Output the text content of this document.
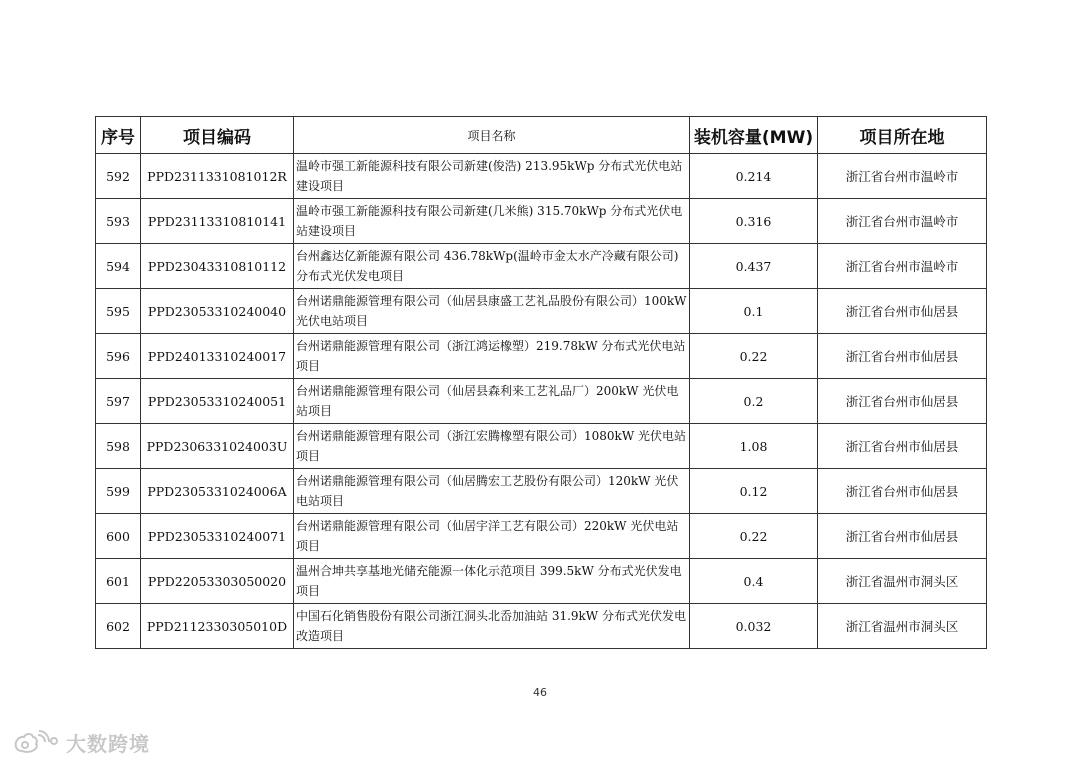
序号	项目编码	项目名称	装机容量(MW)	项目所在地
592	PPD2311331081012R	温岭市强工新能源科技有限公司新建(俊浩) 213.95kWp 分布式光伏电站建设项目	0.214	浙江省台州市温岭市
593	PPD23113310810141	温岭市强工新能源科技有限公司新建(几米熊) 315.70kWp 分布式光伏电站建设项目	0.316	浙江省台州市温岭市
594	PPD23043310810112	台州鑫达亿新能源有限公司 436.78kWp(温岭市金太水产冷藏有限公司)分布式光伏发电项目	0.437	浙江省台州市温岭市
595	PPD23053310240040	台州诺鼎能源管理有限公司（仙居县康盛工艺礼品股份有限公司）100kW 光伏电站项目	0.1	浙江省台州市仙居县
596	PPD24013310240017	台州诺鼎能源管理有限公司（浙江鸿运橡塑）219.78kW 分布式光伏电站项目	0.22	浙江省台州市仙居县
597	PPD23053310240051	台州诺鼎能源管理有限公司（仙居县森利来工艺礼品厂）200kW 光伏电站项目	0.2	浙江省台州市仙居县
598	PPD2306331024003U	台州诺鼎能源管理有限公司（浙江宏腾橡塑有限公司）1080kW 光伏电站项目	1.08	浙江省台州市仙居县
599	PPD2305331024006A	台州诺鼎能源管理有限公司（仙居腾宏工艺股份有限公司）120kW 光伏电站项目	0.12	浙江省台州市仙居县
600	PPD23053310240071	台州诺鼎能源管理有限公司（仙居宇洋工艺有限公司）220kW 光伏电站项目	0.22	浙江省台州市仙居县
601	PPD22053303050020	温州合坤共享基地光储充能源一体化示范项目 399.5kW 分布式光伏发电项目	0.4	浙江省温州市洞头区
602	PPD2112330305010D	中国石化销售股份有限公司浙江洞头北岙加油站 31.9kW 分布式光伏发电改造项目	0.032	浙江省温州市洞头区
46
大数跨境
